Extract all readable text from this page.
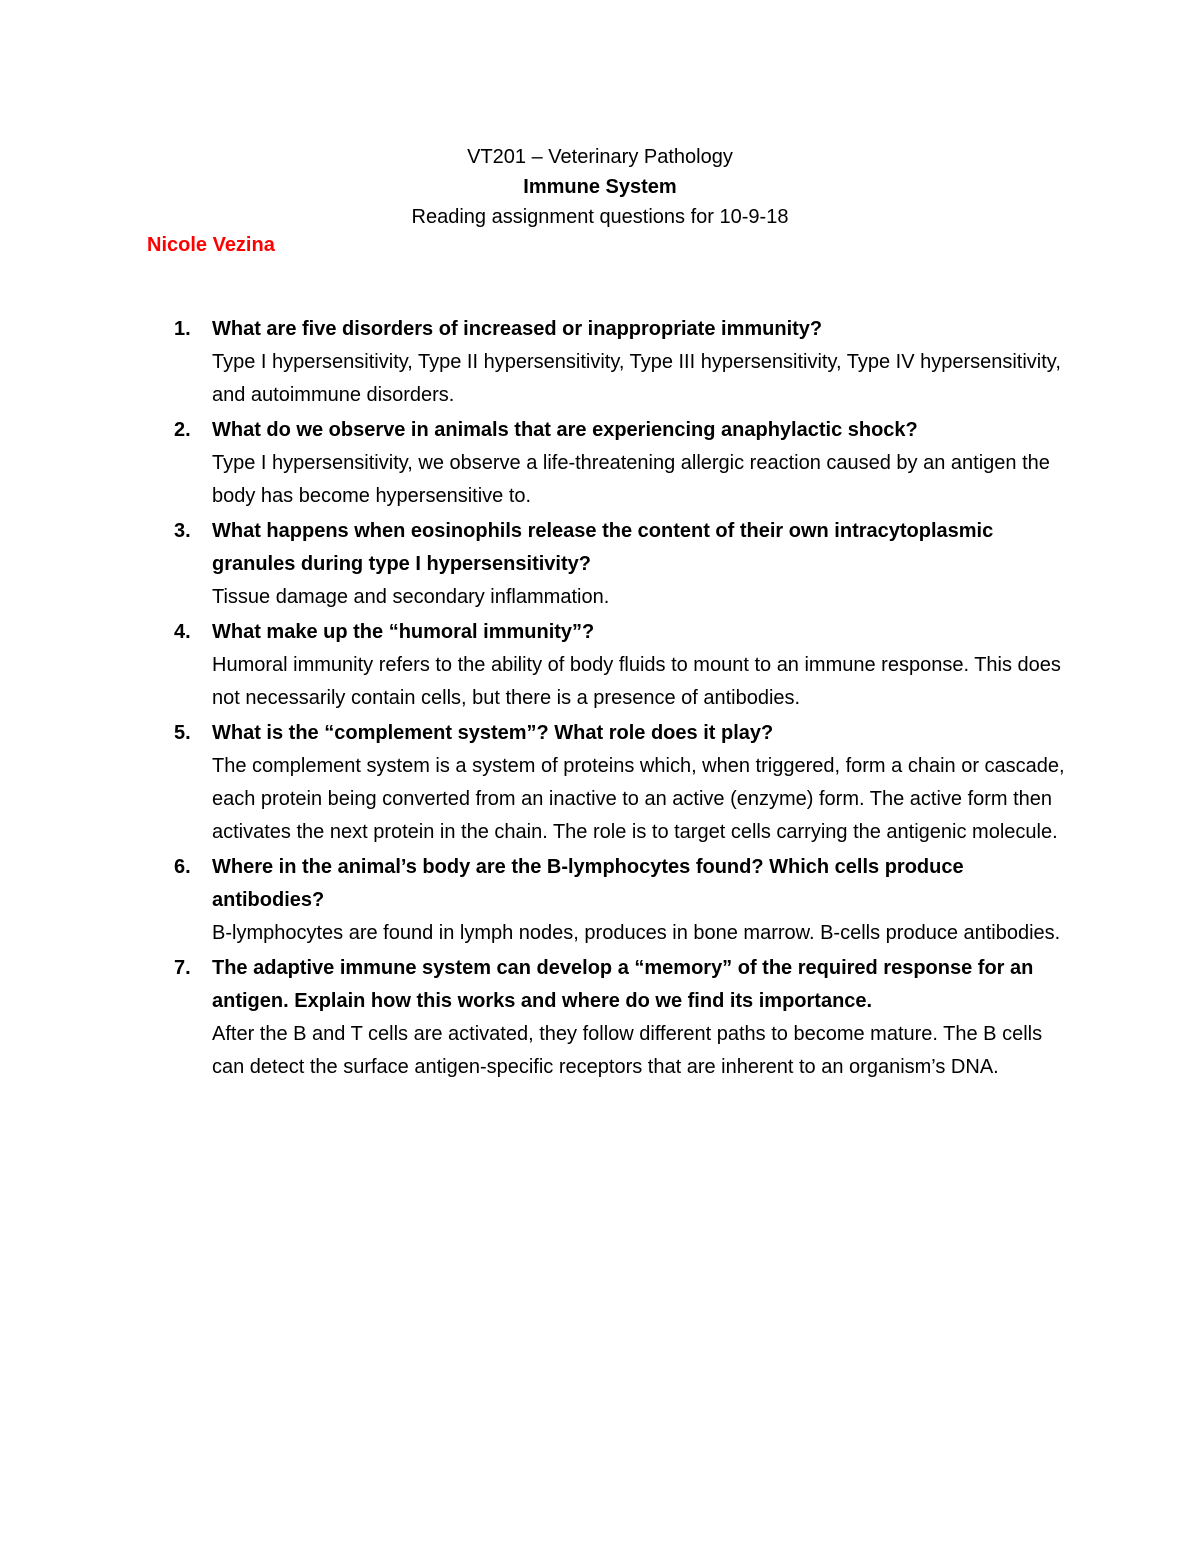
VT201 – Veterinary Pathology
Immune System
Reading assignment questions for 10-9-18
Nicole Vezina
1. What are five disorders of increased or inappropriate immunity?
Type I hypersensitivity, Type II hypersensitivity, Type III hypersensitivity, Type IV hypersensitivity, and autoimmune disorders.
2. What do we observe in animals that are experiencing anaphylactic shock?
Type I hypersensitivity, we observe a life-threatening allergic reaction caused by an antigen the body has become hypersensitive to.
3. What happens when eosinophils release the content of their own intracytoplasmic granules during type I hypersensitivity?
Tissue damage and secondary inflammation.
4. What make up the “humoral immunity”?
Humoral immunity refers to the ability of body fluids to mount to an immune response. This does not necessarily contain cells, but there is a presence of antibodies.
5. What is the “complement system”? What role does it play?
The complement system is a system of proteins which, when triggered, form a chain or cascade, each protein being converted from an inactive to an active (enzyme) form. The active form then activates the next protein in the chain. The role is to target cells carrying the antigenic molecule.
6. Where in the animal’s body are the B-lymphocytes found? Which cells produce antibodies?
B-lymphocytes are found in lymph nodes, produces in bone marrow. B-cells produce antibodies.
7. The adaptive immune system can develop a “memory” of the required response for an antigen. Explain how this works and where do we find its importance.
After the B and T cells are activated, they follow different paths to become mature. The B cells can detect the surface antigen-specific receptors that are inherent to an organism’s DNA.
